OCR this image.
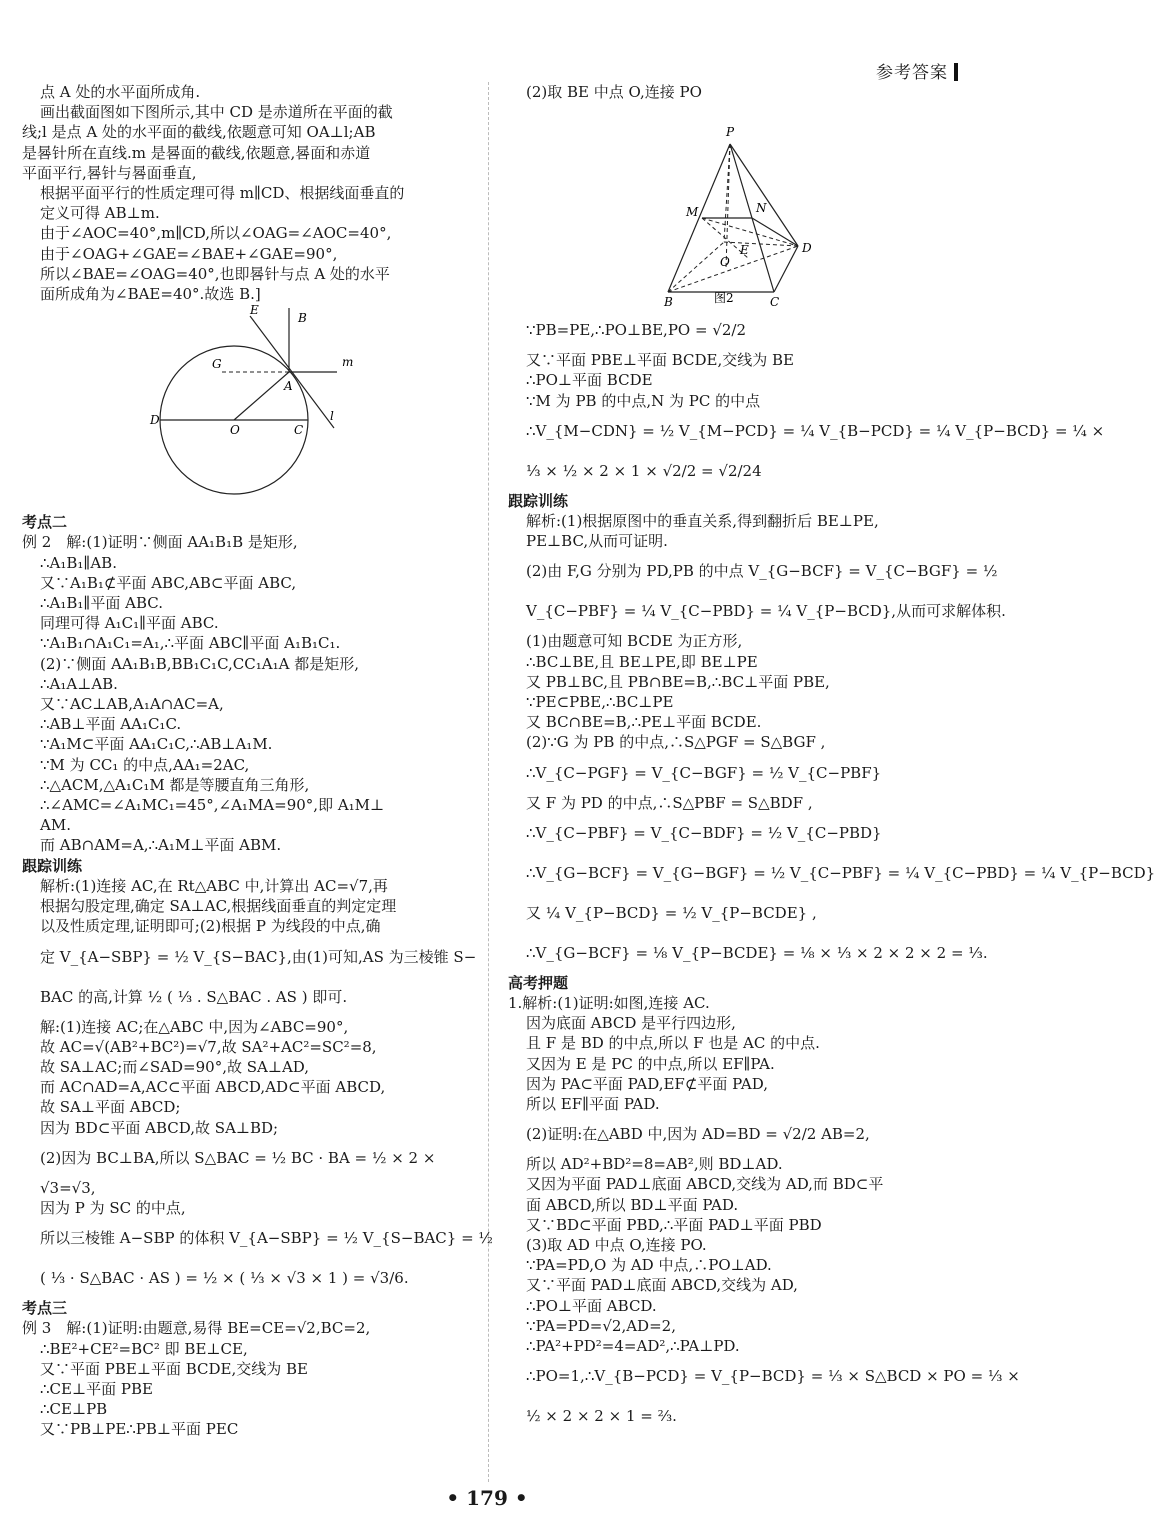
参考答案
点 A 处的水平面所成角.
画出截面图如下图所示,其中 CD 是赤道所在平面的截
线;l 是点 A 处的水平面的截线,依题意可知 OA⊥l;AB
是晷针所在直线.m 是晷面的截线,依题意,晷面和赤道
平面平行,晷针与晷面垂直,
根据平面平行的性质定理可得 m∥CD、根据线面垂直的
定义可得 AB⊥m.
由于∠AOC=40°,m∥CD,所以∠OAG=∠AOC=40°,
由于∠OAG+∠GAE=∠BAE+∠GAE=90°,
所以∠BAE=∠OAG=40°,也即晷针与点 A 处的水平
面所成角为∠BAE=40°.故选 B.]
E
B
G
A
m
D
O	C
l
考点二
例 2　解:(1)证明∵侧面 AA₁B₁B 是矩形,
∴A₁B₁∥AB.
又∵A₁B₁⊄平面 ABC,AB⊂平面 ABC,
∴A₁B₁∥平面 ABC.
同理可得 A₁C₁∥平面 ABC.
∵A₁B₁∩A₁C₁=A₁,∴平面 ABC∥平面 A₁B₁C₁.
(2)∵侧面 AA₁B₁B,BB₁C₁C,CC₁A₁A 都是矩形,
∴A₁A⊥AB.
又∵AC⊥AB,A₁A∩AC=A,
∴AB⊥平面 AA₁C₁C.
∵A₁M⊂平面 AA₁C₁C,∴AB⊥A₁M.
∵M 为 CC₁ 的中点,AA₁=2AC,
∴△ACM,△A₁C₁M 都是等腰直角三角形,
∴∠AMC=∠A₁MC₁=45°,∠A₁MA=90°,即 A₁M⊥
AM.
而 AB∩AM=A,∴A₁M⊥平面 ABM.
跟踪训练
解析:(1)连接 AC,在 Rt△ABC 中,计算出 AC=√7,再
根据勾股定理,确定 SA⊥AC,根据线面垂直的判定定理
以及性质定理,证明即可;(2)根据 P 为线段的中点,确
定 V_{A−SBP} = ½ V_{S−BAC},由(1)可知,AS 为三棱锥 S−
BAC 的高,计算 ½ ( ⅓ . S△BAC . AS ) 即可.
解:(1)连接 AC;在△ABC 中,因为∠ABC=90°,
故 AC=√(AB²+BC²)=√7,故 SA²+AC²=SC²=8,
故 SA⊥AC;而∠SAD=90°,故 SA⊥AD,
而 AC∩AD=A,AC⊂平面 ABCD,AD⊂平面 ABCD,
故 SA⊥平面 ABCD;
因为 BD⊂平面 ABCD,故 SA⊥BD;
(2)因为 BC⊥BA,所以 S△BAC = ½ BC · BA = ½ × 2 ×
√3=√3,
因为 P 为 SC 的中点,
所以三棱锥 A−SBP 的体积 V_{A−SBP} = ½ V_{S−BAC} = ½
( ⅓ · S△BAC · AS ) = ½ × ( ⅓ × √3 × 1 ) = √3/6.
考点三
例 3　解:(1)证明:由题意,易得 BE=CE=√2,BC=2,
∴BE²+CE²=BC² 即 BE⊥CE,
又∵平面 PBE⊥平面 BCDE,交线为 BE
∴CE⊥平面 PBE
∴CE⊥PB
又∵PB⊥PE∴PB⊥平面 PEC
(2)取 BE 中点 O,连接 PO
P
M	N
D
E
O
B	C
图2
∵PB=PE,∴PO⊥BE,PO = √2/2
又∵平面 PBE⊥平面 BCDE,交线为 BE
∴PO⊥平面 BCDE
∵M 为 PB 的中点,N 为 PC 的中点
∴V_{M−CDN} = ½ V_{M−PCD} = ¼ V_{B−PCD} = ¼ V_{P−BCD} = ¼ ×
⅓ × ½ × 2 × 1 × √2/2 = √2/24
跟踪训练
解析:(1)根据原图中的垂直关系,得到翻折后 BE⊥PE,
PE⊥BC,从而可证明.
(2)由 F,G 分别为 PD,PB 的中点 V_{G−BCF} = V_{C−BGF} = ½
V_{C−PBF} = ¼ V_{C−PBD} = ¼ V_{P−BCD},从而可求解体积.
(1)由题意可知 BCDE 为正方形,
∴BC⊥BE,且 BE⊥PE,即 BE⊥PE
又 PB⊥BC,且 PB∩BE=B,∴BC⊥平面 PBE,
∵PE⊂PBE,∴BC⊥PE
又 BC∩BE=B,∴PE⊥平面 BCDE.
(2)∵G 为 PB 的中点,∴S△PGF = S△BGF ,
∴V_{C−PGF} = V_{C−BGF} = ½ V_{C−PBF}
又 F 为 PD 的中点,∴S△PBF = S△BDF ,
∴V_{C−PBF} = V_{C−BDF} = ½ V_{C−PBD}
∴V_{G−BCF} = V_{G−BGF} = ½ V_{C−PBF} = ¼ V_{C−PBD} = ¼ V_{P−BCD}
又 ¼ V_{P−BCD} = ½ V_{P−BCDE} ,
∴V_{G−BCF} = ⅛ V_{P−BCDE} = ⅛ × ⅓ × 2 × 2 × 2 = ⅓.
高考押题
1.解析:(1)证明:如图,连接 AC.
因为底面 ABCD 是平行四边形,
且 F 是 BD 的中点,所以 F 也是 AC 的中点.
又因为 E 是 PC 的中点,所以 EF∥PA.
因为 PA⊂平面 PAD,EF⊄平面 PAD,
所以 EF∥平面 PAD.
(2)证明:在△ABD 中,因为 AD=BD = √2/2 AB=2,
所以 AD²+BD²=8=AB²,则 BD⊥AD.
又因为平面 PAD⊥底面 ABCD,交线为 AD,而 BD⊂平
面 ABCD,所以 BD⊥平面 PAD.
又∵BD⊂平面 PBD,∴平面 PAD⊥平面 PBD
(3)取 AD 中点 O,连接 PO.
∵PA=PD,O 为 AD 中点,∴PO⊥AD.
又∵平面 PAD⊥底面 ABCD,交线为 AD,
∴PO⊥平面 ABCD.
∵PA=PD=√2,AD=2,
∴PA²+PD²=4=AD²,∴PA⊥PD.
∴PO=1,∴V_{B−PCD} = V_{P−BCD} = ⅓ × S△BCD × PO = ⅓ ×
½ × 2 × 2 × 1 = ⅔.
• 179 •
